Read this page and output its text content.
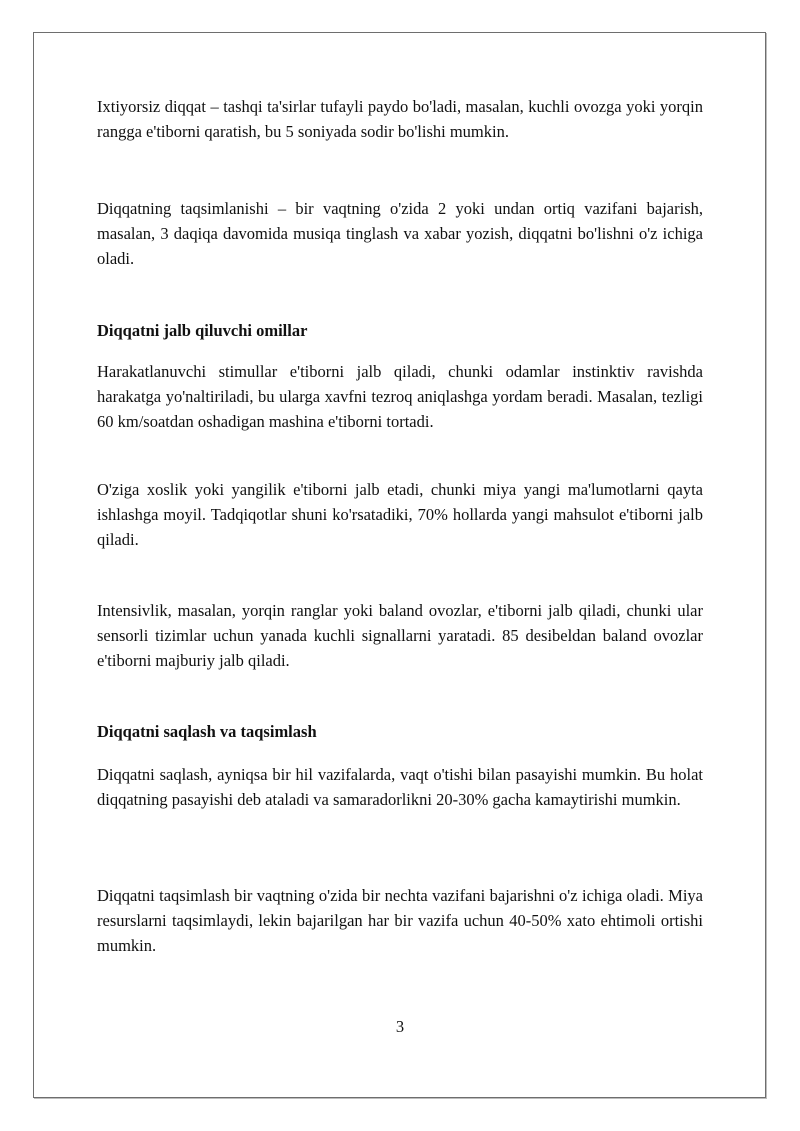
Ixtiyorsiz diqqat – tashqi ta'sirlar tufayli paydo bo'ladi, masalan, kuchli ovozga yoki yorqin rangga e'tiborni qaratish, bu 5 soniyada sodir bo'lishi mumkin.

Diqqatning taqsimlanishi – bir vaqtning o'zida 2 yoki undan ortiq vazifani bajarish, masalan, 3 daqiqa davomida musiqa tinglash va xabar yozish, diqqatni bo'lishni o'z ichiga oladi.

Diqqatni jalb qiluvchi omillar

Harakatlanuvchi stimullar e'tiborni jalb qiladi, chunki odamlar instinktiv ravishda harakatga yo'naltiriladi, bu ularga xavfni tezroq aniqlashga yordam beradi. Masalan, tezligi 60 km/soatdan oshadigan mashina e'tiborni tortadi.

O'ziga xoslik yoki yangilik e'tiborni jalb etadi, chunki miya yangi ma'lumotlarni qayta ishlashga moyil. Tadqiqotlar shuni ko'rsatadiki, 70% hollarda yangi mahsulot e'tiborni jalb qiladi.

Intensivlik, masalan, yorqin ranglar yoki baland ovozlar, e'tiborni jalb qiladi, chunki ular sensorli tizimlar uchun yanada kuchli signallarni yaratadi. 85 desibeldan baland ovozlar e'tiborni majburiy jalb qiladi.

Diqqatni saqlash va taqsimlash

Diqqatni saqlash, ayniqsa bir hil vazifalarda, vaqt o'tishi bilan pasayishi mumkin. Bu holat diqqatning pasayishi deb ataladi va samaradorlikni 20-30% gacha kamaytirishi mumkin.

Diqqatni taqsimlash bir vaqtning o'zida bir nechta vazifani bajarishni o'z ichiga oladi. Miya resurslarni taqsimlaydi, lekin bajarilgan har bir vazifa uchun 40-50% xato ehtimoli ortishi mumkin.

3
